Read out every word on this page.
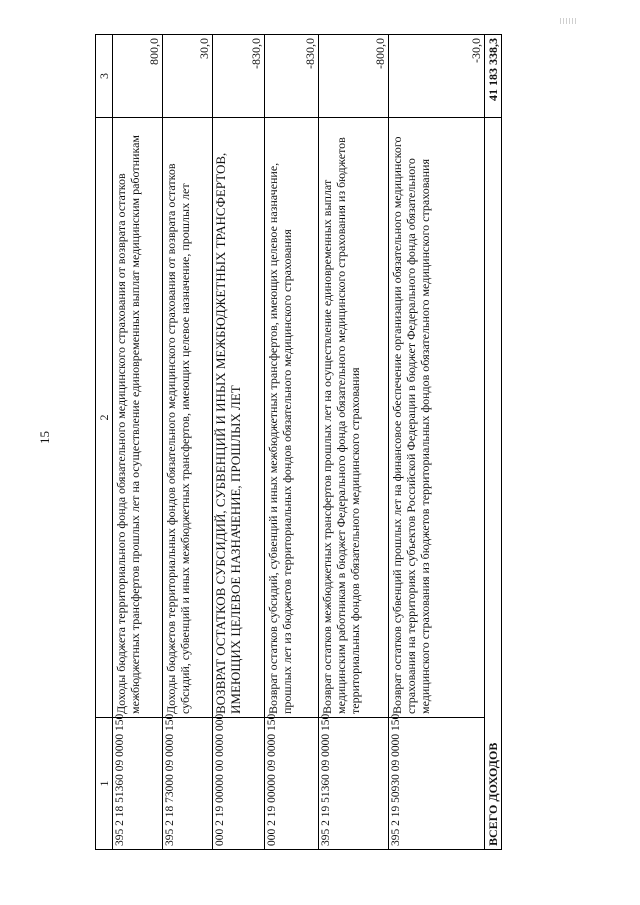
15
1	2	3
395 2 18 51360 09 0000 150	Доходы бюджета территориального фонда обязательного медицинского страхования от возврата остатков межбюджетных трансфертов прошлых лет на осуществление единовременных выплат медицинским работникам	800,0
395 2 18 73000 09 0000 150	Доходы бюджетов территориальных фондов обязательного медицинского страхования от возврата остатков субсидий, субвенций и иных межбюджетных трансфертов, имеющих целевое назначение, прошлых лет	30,0
000 2 19 00000 00 0000 000	ВОЗВРАТ ОСТАТКОВ СУБСИДИЙ, СУБВЕНЦИЙ И ИНЫХ МЕЖБЮДЖЕТНЫХ ТРАНСФЕРТОВ, ИМЕЮЩИХ ЦЕЛЕВОЕ НАЗНАЧЕНИЕ, ПРОШЛЫХ ЛЕТ	-830,0
000 2 19 00000 09 0000 150	Возврат остатков субсидий, субвенций и иных межбюджетных трансфертов, имеющих целевое назначение, прошлых лет из бюджетов территориальных фондов обязательного медицинского страхования	-830,0
395 2 19 51360 09 0000 150	Возврат остатков межбюджетных трансфертов прошлых лет на осуществление единовременных выплат медицинским работникам в бюджет Федерального фонда обязательного медицинского страхования из бюджетов территориальных фондов обязательного медицинского страхования	-800,0
395 2 19 50930 09 0000 150	Возврат остатков субвенций прошлых лет на финансовое обеспечение организации обязательного медицинского страхования на территориях субъектов Российской Федерации в бюджет Федерального фонда обязательного медицинского страхования из бюджетов территориальных фондов обязательного медицинского страхования	-30,0
ВСЕГО ДОХОДОВ		41 183 338,3
